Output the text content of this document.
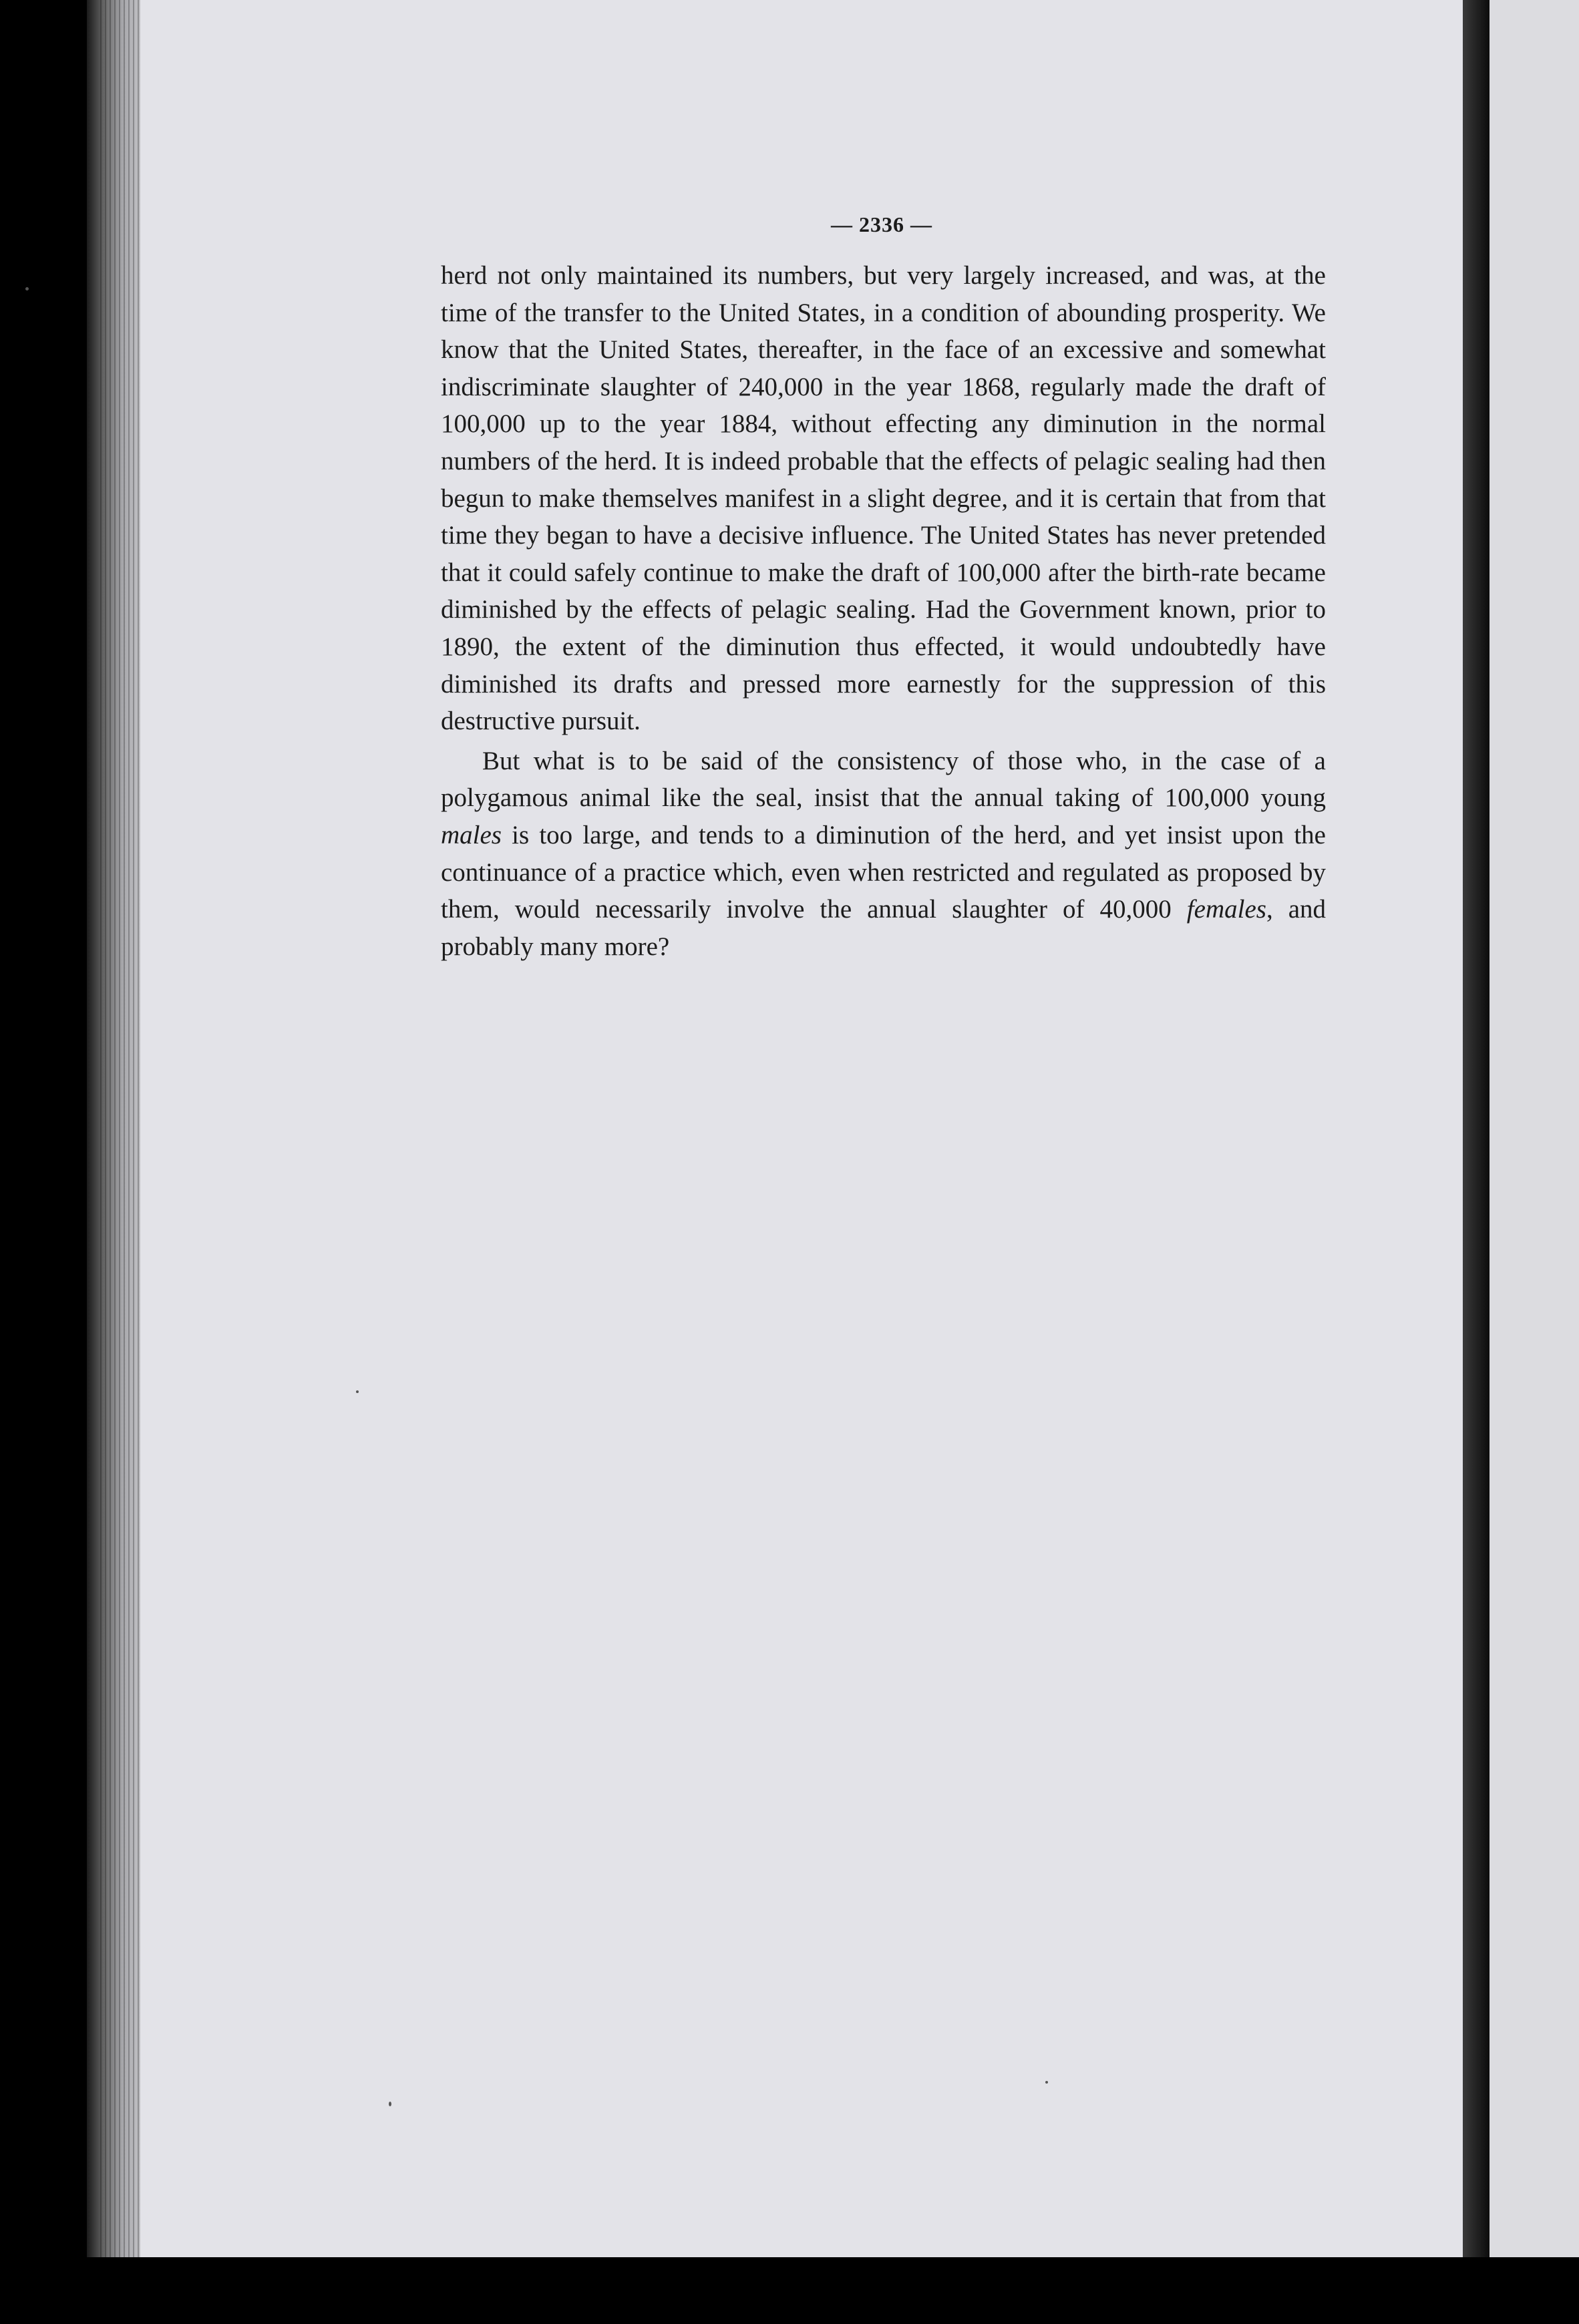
— 2336 —

herd not only maintained its numbers, but very largely increased, and was, at the time of the transfer to the United States, in a condition of abounding prosperity. We know that the United States, thereafter, in the face of an excessive and somewhat indiscriminate slaughter of 240,000 in the year 1868, regularly made the draft of 100,000 up to the year 1884, without effecting any diminution in the normal numbers of the herd. It is indeed probable that the effects of pelagic sealing had then begun to make themselves manifest in a slight degree, and it is certain that from that time they began to have a decisive influence. The United States has never pretended that it could safely continue to make the draft of 100,000 after the birth-rate became diminished by the effects of pelagic sealing. Had the Government known, prior to 1890, the extent of the diminution thus effected, it would undoubtedly have diminished its drafts and pressed more earnestly for the suppression of this destructive pursuit.

But what is to be said of the consistency of those who, in the case of a polygamous animal like the seal, insist that the annual taking of 100,000 young males is too large, and tends to a diminution of the herd, and yet insist upon the continuance of a practice which, even when restricted and regulated as proposed by them, would necessarily involve the annual slaughter of 40,000 females, and probably many more?
